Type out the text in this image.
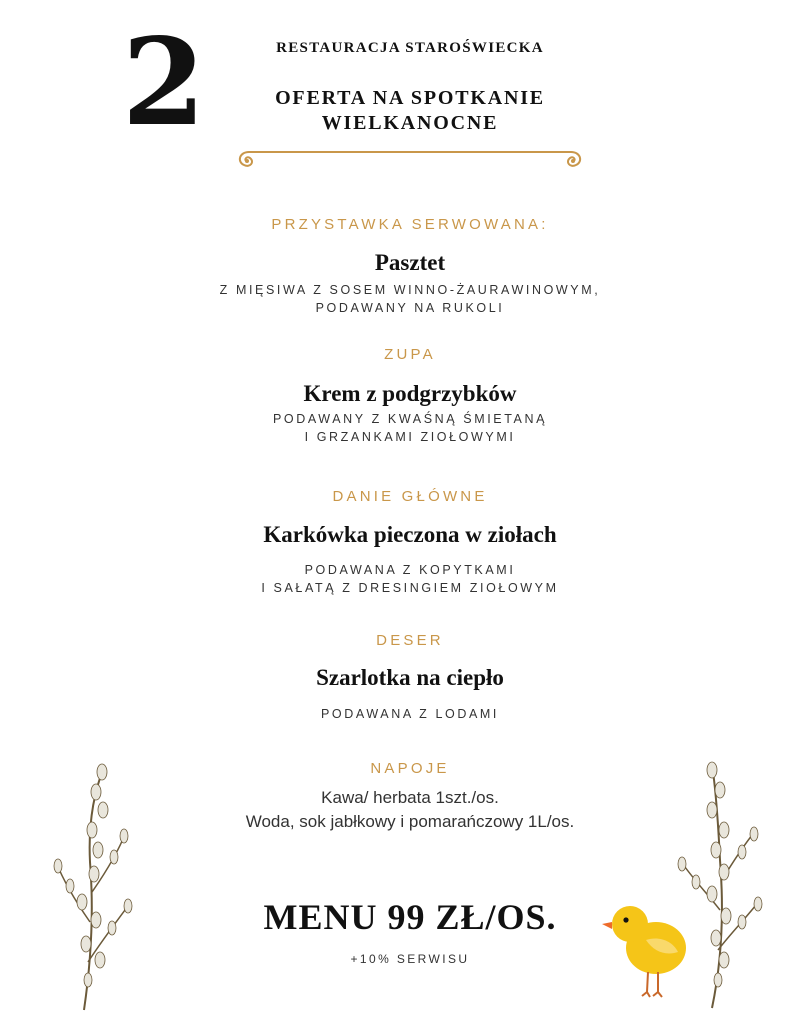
2	RESTAURACJA STAROŚWIECKA
OFERTA NA SPOTKANIE
WIELKANOCNE
PRZYSTAWKA SERWOWANA:
Pasztet
Z MIĘSIWA Z SOSEM WINNO-ŻAURAWINOWYM,
PODAWANY NA RUKOLI
ZUPA
Krem z podgrzybków
PODAWANY Z KWAŚNĄ ŚMIETANĄ
I GRZANKAMI ZIOŁOWYMI
DANIE GŁÓWNE
Karkówka pieczona w ziołach
PODAWANA Z KOPYTKAMI
I SAŁATĄ Z DRESINGIEM ZIOŁOWYM
DESER
Szarlotka na ciepło
PODAWANA Z LODAMI
NAPOJE
Kawa/ herbata 1szt./os.
Woda, sok jabłkowy i pomarańczowy 1L/os.
MENU 99 ZŁ/OS.
+10% SERWISU
